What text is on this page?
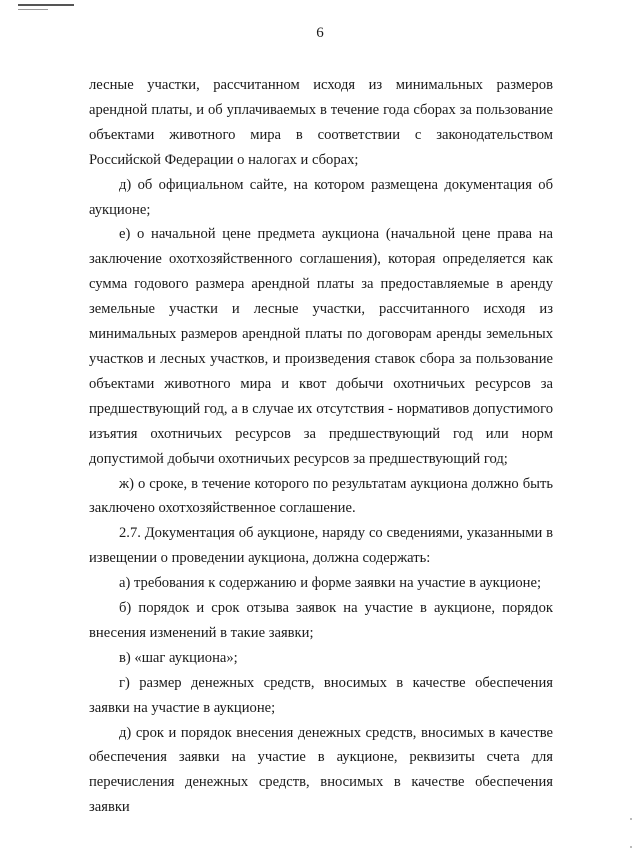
6

лесные участки, рассчитанном исходя из минимальных размеров арендной платы, и об уплачиваемых в течение года сборах за пользование объектами животного мира в соответствии с законодательством Российской Федерации о налогах и сборах;

д) об официальном сайте, на котором размещена документация об аукционе;

е) о начальной цене предмета аукциона (начальной цене права на заключение охотхозяйственного соглашения), которая определяется как сумма годового размера арендной платы за предоставляемые в аренду земельные участки и лесные участки, рассчитанного исходя из минимальных размеров арендной платы по договорам аренды земельных участков и лесных участков, и произведения ставок сбора за пользование объектами животного мира и квот добычи охотничьих ресурсов за предшествующий год, а в случае их отсутствия - нормативов допустимого изъятия охотничьих ресурсов за предшествующий год или норм допустимой добычи охотничьих ресурсов за предшествующий год;

ж) о сроке, в течение которого по результатам аукциона должно быть заключено охотхозяйственное соглашение.

2.7. Документация об аукционе, наряду со сведениями, указанными в извещении о проведении аукциона, должна содержать:

а) требования к содержанию и форме заявки на участие в аукционе;

б) порядок и срок отзыва заявок на участие в аукционе, порядок внесения изменений в такие заявки;

в) «шаг аукциона»;

г) размер денежных средств, вносимых в качестве обеспечения заявки на участие в аукционе;

д) срок и порядок внесения денежных средств, вносимых в качестве обеспечения заявки на участие в аукционе, реквизиты счета для перечисления денежных средств, вносимых в качестве обеспечения заявки
